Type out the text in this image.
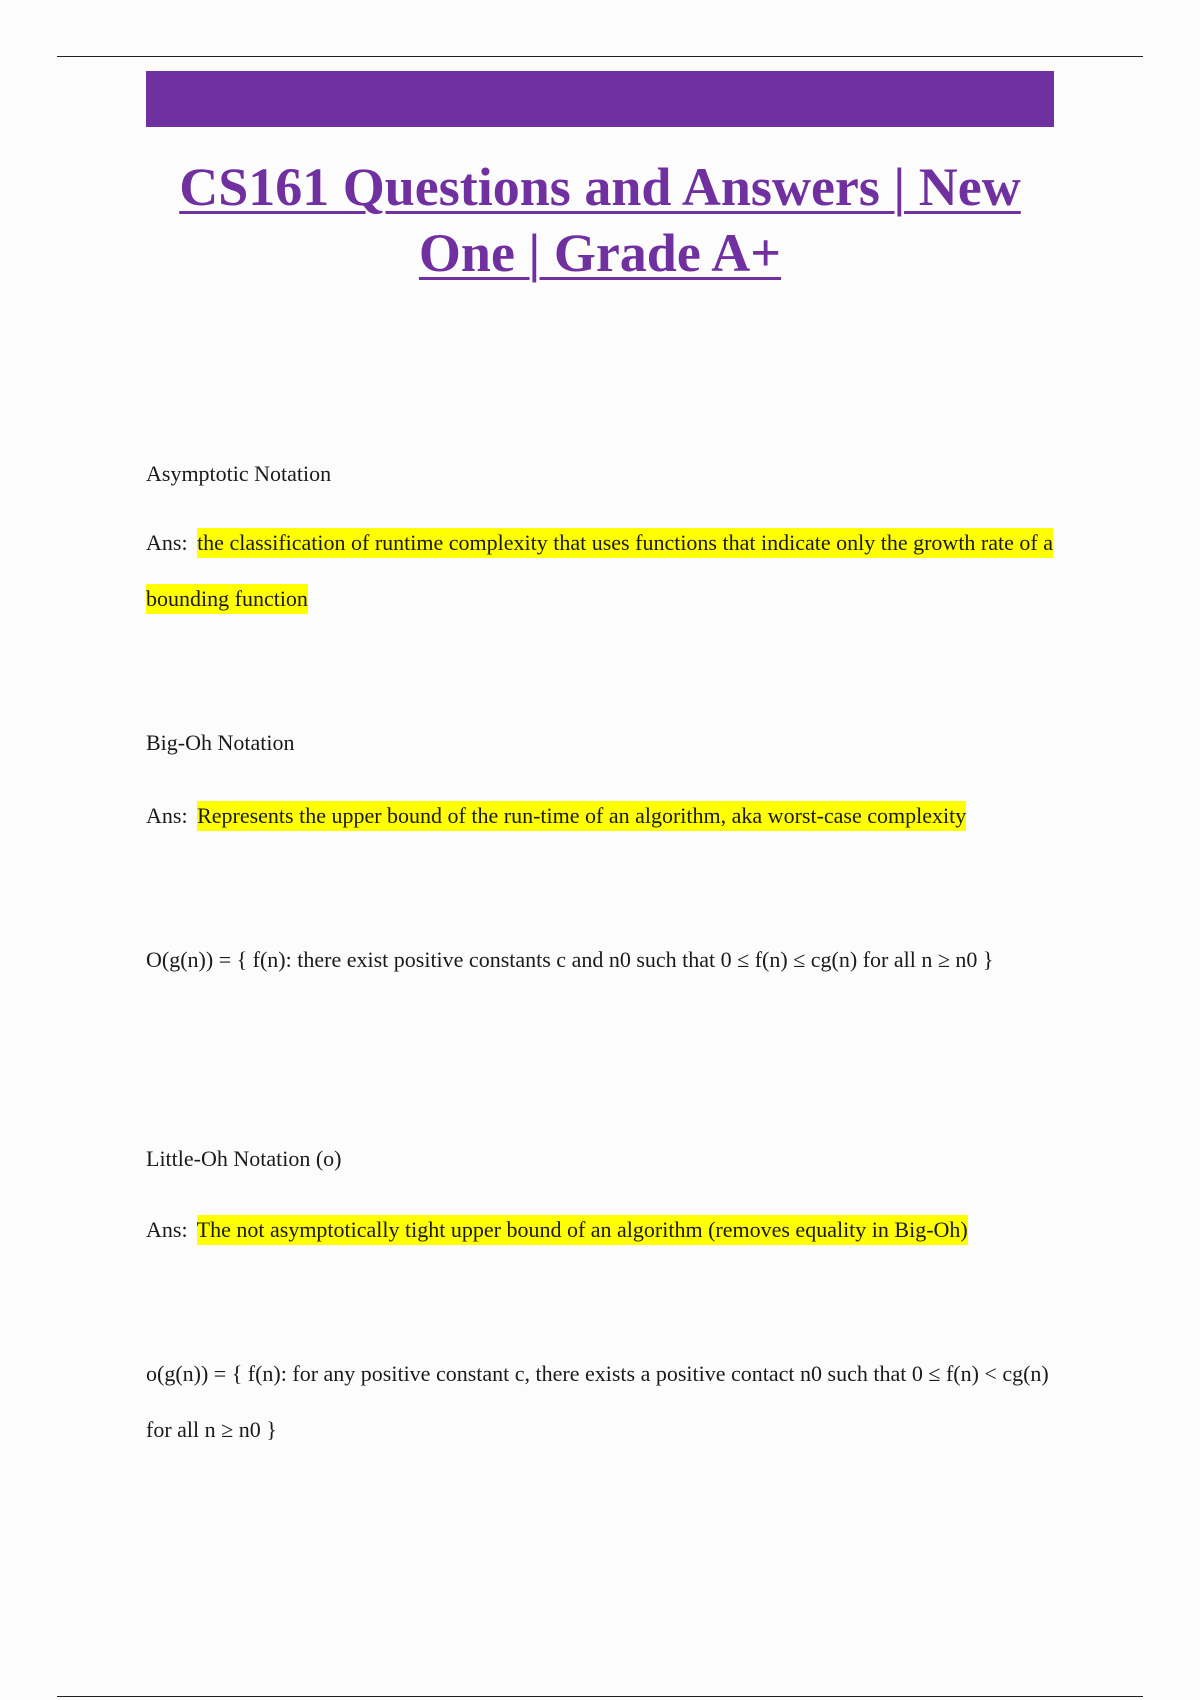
CS161 Questions and Answers | New
One | Grade A+
Asymptotic Notation
Ans: the classification of runtime complexity that uses functions that indicate only the growth rate of a bounding function
Big-Oh Notation
Ans: Represents the upper bound of the run-time of an algorithm, aka worst-case complexity
O(g(n)) = { f(n): there exist positive constants c and n0 such that 0 ≤ f(n) ≤ cg(n) for all n ≥ n0 }
Little-Oh Notation (o)
Ans: The not asymptotically tight upper bound of an algorithm (removes equality in Big-Oh)
o(g(n)) = { f(n): for any positive constant c, there exists a positive contact n0 such that 0 ≤ f(n) < cg(n) for all n ≥ n0 }
